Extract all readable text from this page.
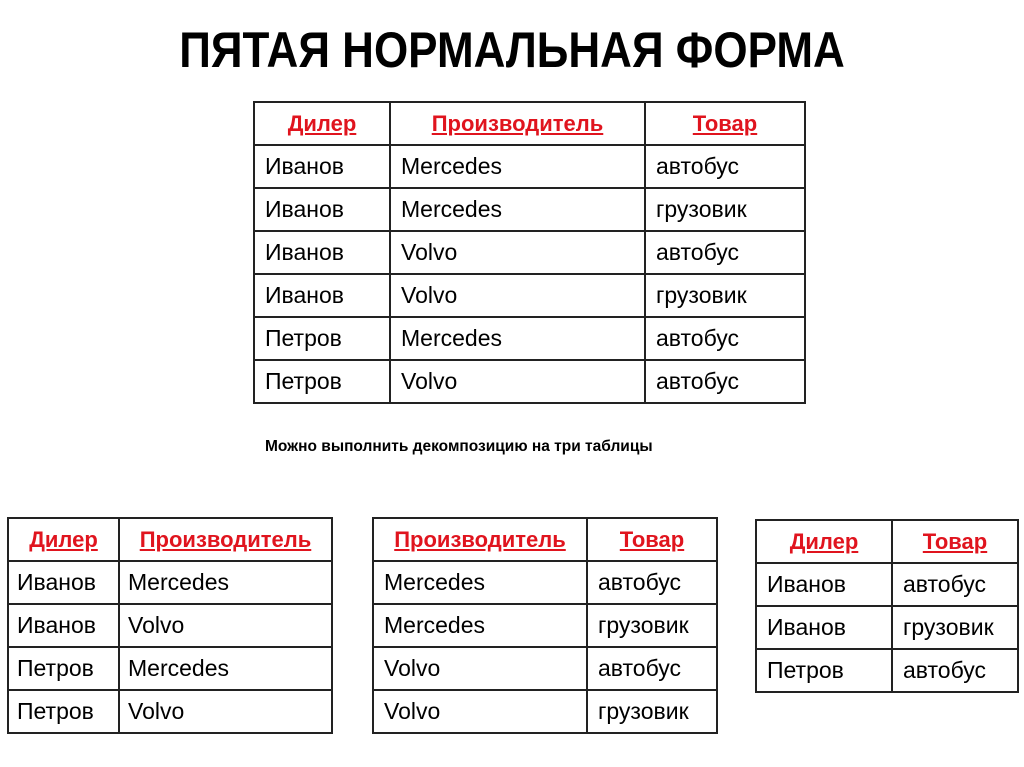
ПЯТАЯ НОРМАЛЬНАЯ ФОРМА
Дилер	Производитель	Товар
Иванов	Mercedes	автобус
Иванов	Mercedes	грузовик
Иванов	Volvo	автобус
Иванов	Volvo	грузовик
Петров	Mercedes	автобус
Петров	Volvo	автобус
Можно выполнить декомпозицию на три таблицы
Дилер	Производитель
Иванов	Mercedes
Иванов	Volvo
Петров	Mercedes
Петров	Volvo
Производитель	Товар
Mercedes	автобус
Mercedes	грузовик
Volvo	автобус
Volvo	грузовик
Дилер	Товар
Иванов	автобус
Иванов	грузовик
Петров	автобус
